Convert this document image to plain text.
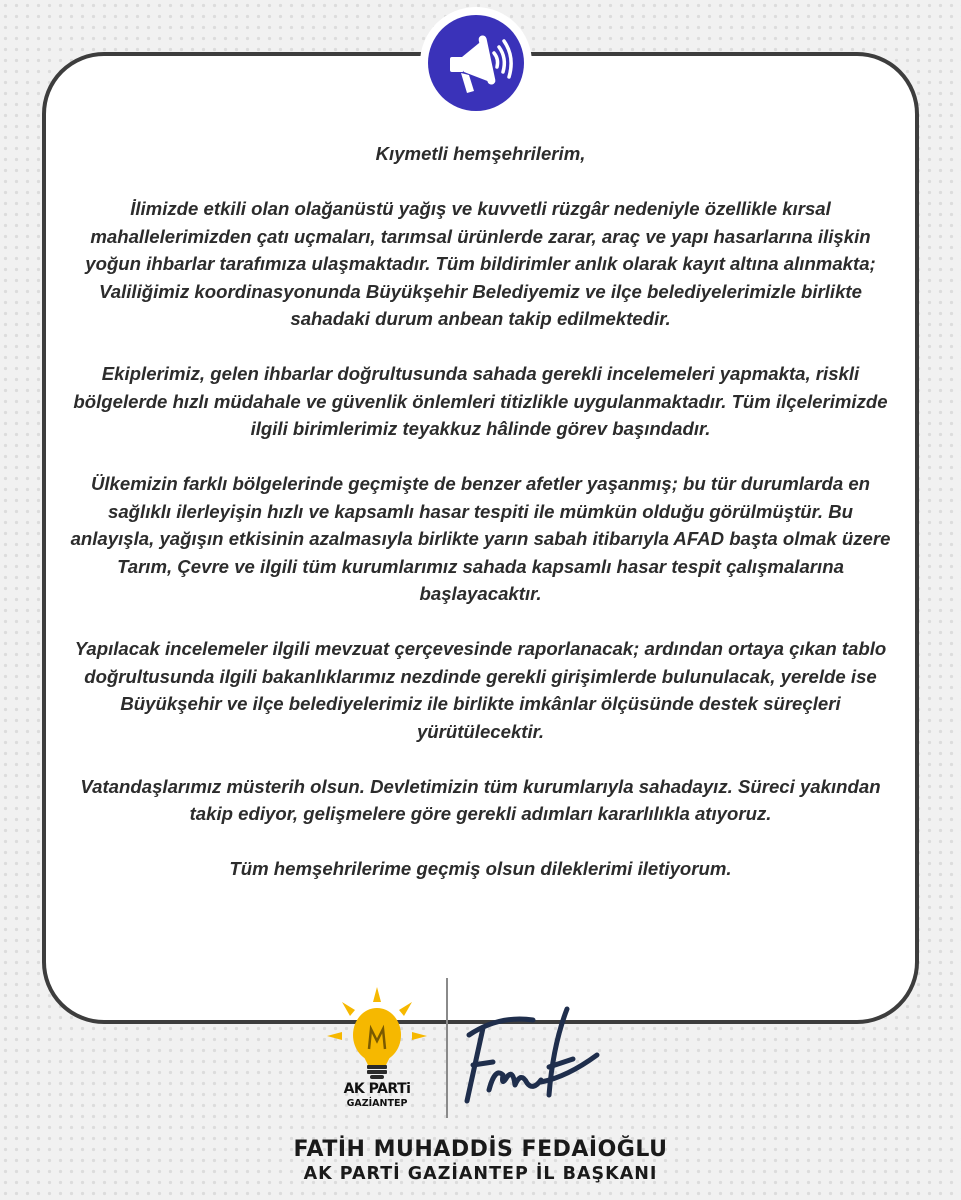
Kıymetli hemşehrilerim,

İlimizde etkili olan olağanüstü yağış ve kuvvetli rüzgâr nedeniyle özellikle kırsal mahallelerimizden çatı uçmaları, tarımsal ürünlerde zarar, araç ve yapı hasarlarına ilişkin yoğun ihbarlar tarafımıza ulaşmaktadır. Tüm bildirimler anlık olarak kayıt altına alınmakta; Valiliğimiz koordinasyonunda Büyükşehir Belediyemiz ve ilçe belediyelerimizle birlikte sahadaki durum anbean takip edilmektedir.

Ekiplerimiz, gelen ihbarlar doğrultusunda sahada gerekli incelemeleri yapmakta, riskli bölgelerde hızlı müdahale ve güvenlik önlemleri titizlikle uygulanmaktadır. Tüm ilçelerimizde ilgili birimlerimiz teyakkuz hâlinde görev başındadır.

Ülkemizin farklı bölgelerinde geçmişte de benzer afetler yaşanmış; bu tür durumlarda en sağlıklı ilerleyişin hızlı ve kapsamlı hasar tespiti ile mümkün olduğu görülmüştür. Bu anlayışla, yağışın etkisinin azalmasıyla birlikte yarın sabah itibarıyla AFAD başta olmak üzere Tarım, Çevre ve ilgili tüm kurumlarımız sahada kapsamlı hasar tespit çalışmalarına başlayacaktır.

Yapılacak incelemeler ilgili mevzuat çerçevesinde raporlanacak; ardından ortaya çıkan tablo doğrultusunda ilgili bakanlıklarımız nezdinde gerekli girişimlerde bulunulacak, yerelde ise Büyükşehir ve ilçe belediyelerimiz ile birlikte imkânlar ölçüsünde destek süreçleri yürütülecektir.

Vatandaşlarımız müsterih olsun. Devletimizin tüm kurumlarıyla sahadayız. Süreci yakından takip ediyor, gelişmelere göre gerekli adımları kararlılıkla atıyoruz.

Tüm hemşehrilerime geçmiş olsun dileklerimi iletiyorum.

AK PARTi
GAZİANTEP
FATİH MUHADDİS FEDAİOĞLU
AK PARTİ GAZİANTEP İL BAŞKANI
